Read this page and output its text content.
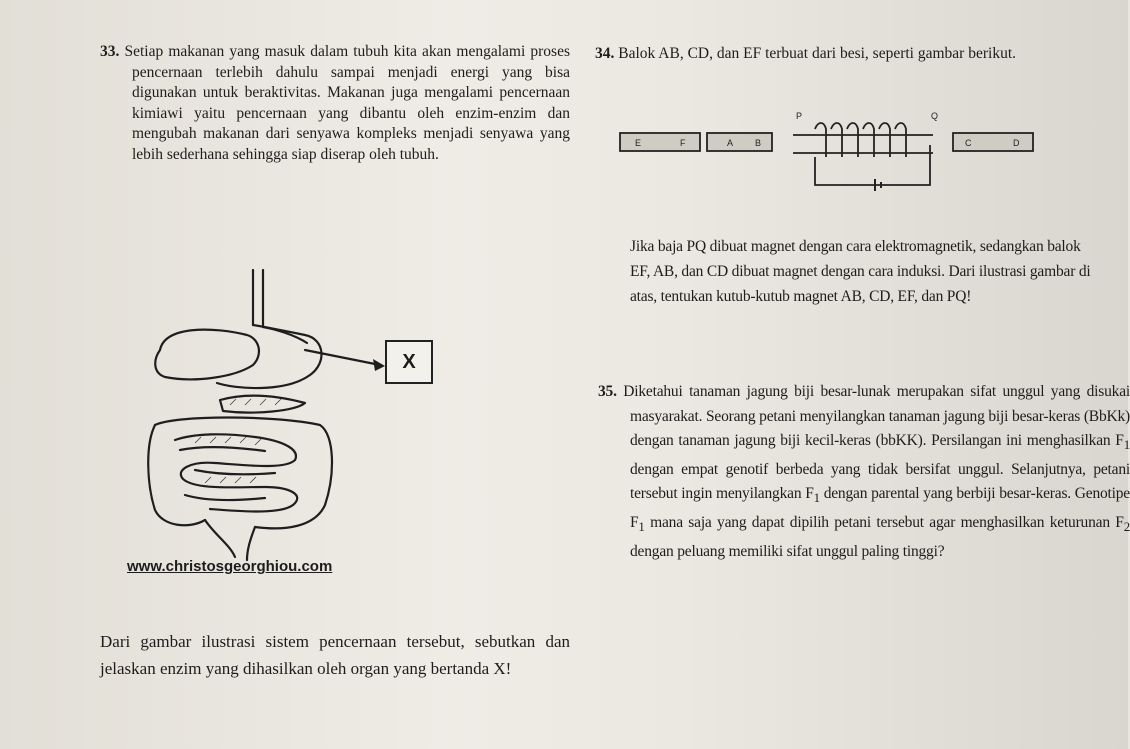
33. Setiap makanan yang masuk dalam tubuh kita akan mengalami proses pencernaan terlebih dahulu sampai menjadi energi yang bisa digunakan untuk beraktivitas. Makanan juga mengalami pencernaan kimiawi yaitu pencernaan yang dibantu oleh enzim-enzim dan mengubah makanan dari senyawa kompleks menjadi senyawa yang lebih sederhana sehingga siap diserap oleh tubuh.
X
www.christosgeorghiou.com
Dari gambar ilustrasi sistem pencernaan tersebut, sebutkan dan jelaskan enzim yang dihasilkan oleh organ yang bertanda X!
34. Balok AB, CD, dan EF terbuat dari besi, seperti gambar berikut.
E	F	A B	C	D
P	Q
Jika baja PQ dibuat magnet dengan cara elektromagnetik, sedangkan balok EF, AB, dan CD dibuat magnet dengan cara induksi. Dari ilustrasi gambar di atas, tentukan kutub-kutub magnet AB, CD, EF, dan PQ!
35. Diketahui tanaman jagung biji besar-lunak merupakan sifat unggul yang disukai masyarakat. Seorang petani menyilangkan tanaman jagung biji besar-keras (BbKk) dengan tanaman jagung biji kecil-keras (bbKK). Persilangan ini menghasilkan $F_1$ dengan empat genotif berbeda yang tidak bersifat unggul. Selanjutnya, petani tersebut ingin menyilangkan $F_1$ dengan parental yang berbiji besar-keras. Genotipe $F_1$ mana saja yang dapat dipilih petani tersebut agar menghasilkan keturunan $F_2$ dengan peluang memiliki sifat unggul paling tinggi?
